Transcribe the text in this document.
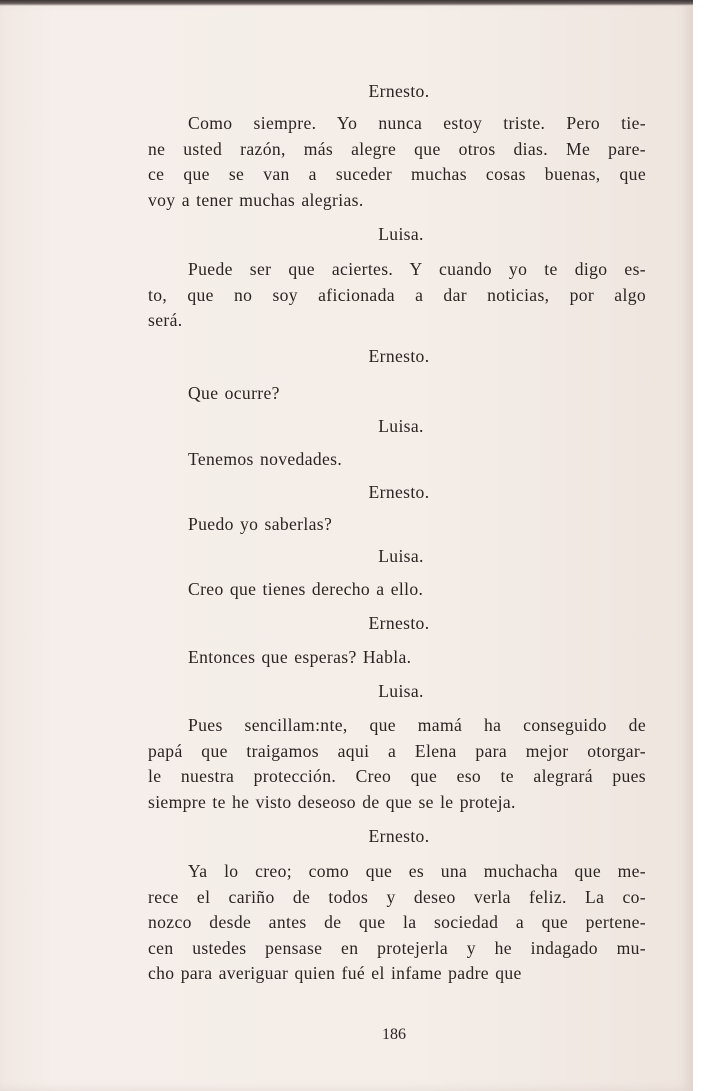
Ernesto.
Como siempre. Yo nunca estoy triste. Pero tie-
ne usted razón, más alegre que otros dias. Me pare-
ce que se van a suceder muchas cosas buenas, que
voy a tener muchas alegrias.
Luisa.
Puede ser que aciertes. Y cuando yo te digo es-
to, que no soy aficionada a dar noticias, por algo
será.
Ernesto.
Que ocurre?
Luisa.
Tenemos novedades.
Ernesto.
Puedo yo saberlas?
Luisa.
Creo que tienes derecho a ello.
Ernesto.
Entonces que esperas? Habla.
Luisa.
Pues sencillam:nte, que mamá ha conseguido de
papá que traigamos aqui a Elena para mejor otorgar-
le nuestra protección. Creo que eso te alegrará pues
siempre te he visto deseoso de que se le proteja.
Ernesto.
Ya lo creo; como que es una muchacha que me-
rece el cariño de todos y deseo verla feliz. La co-
nozco desde antes de que la sociedad a que pertene-
cen ustedes pensase en protejerla y he indagado mu-
cho para averiguar quien fué el infame padre que
186
